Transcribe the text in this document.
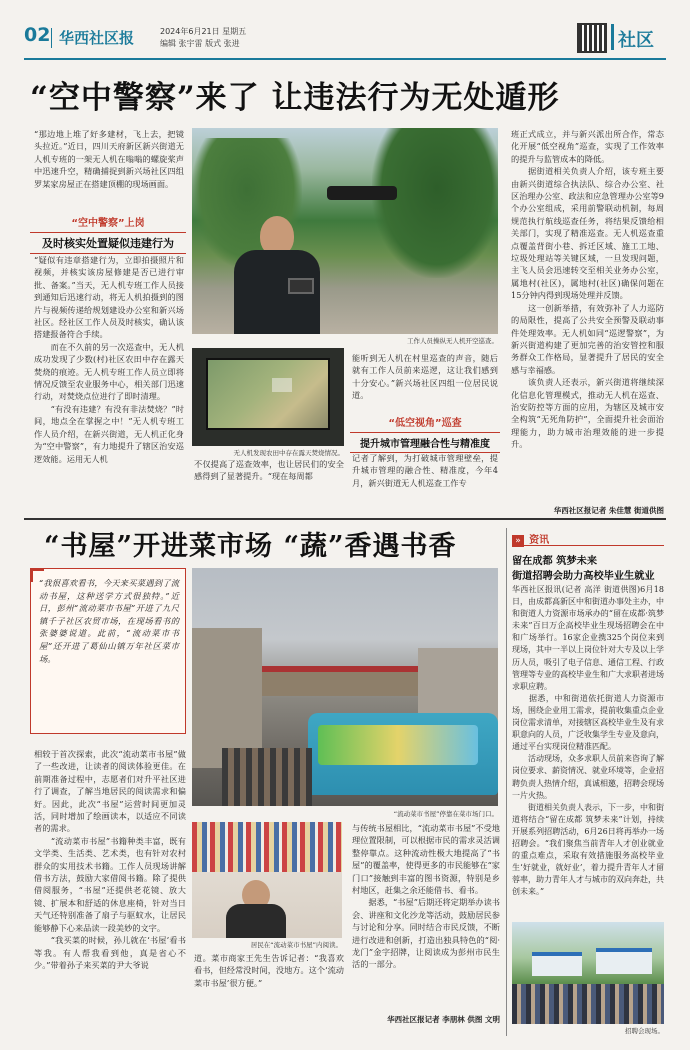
02 华西社区报	2024年6月21日 星期五
编辑 张宇雷 版式 张进	社区
“空中警察”来了 让违法行为无处遁形
“那边地上堆了好多建材，飞上去，把镜头拉近。”近日，四川天府新区新兴街道无人机专班的一架无人机在嗡嗡的螺旋桨声中迅速升空，精确捕捉到新兴场社区四组罗某家房屋正在搭建顶棚的现场画面。
“空中警察”上岗
及时核实处置疑似违建行为
“疑似有违章搭建行为，立即拍摄照片和视频，并核实该房屋修建是否已进行审批、备案。”当天，无人机专班工作人员接到通知后迅速行动，将无人机拍摄到的图片与视频传递给规划建设办公室和新兴场社区。经社区工作人员及时核实，确认该搭建报备符合手续。
　　而在不久前的另一次巡查中，无人机成功发现了少数(村)社区农田中存在露天焚烧的痕迹。无人机专班工作人员立即将情况反馈至农业服务中心，相关部门迅速行动，对焚烧点位进行了即时清理。
　　“有没有违建？有没有非法焚烧？”时间，地点全在掌握之中！”无人机专班工作人员介绍，在新兴街道，无人机正化身为“空中警察”，有力地提升了辖区治安巡逻效能。运用无人机
工作人员操纵无人机开空巡查。
无人机发现农田中存在露天焚烧情况。
不仅提高了巡查效率，也让居民们的安全感得到了显著提升。“现在每周都
能听到无人机在村里巡查的声音，随后就有工作人员前来巡逻，这让我们感到十分安心。”新兴场社区四组一位居民说道。
“低空视角”巡查
提升城市管理融合性与精准度
记者了解到，为打破城市管理壁垒，提升城市管理的融合性、精准度，今年4月，新兴街道无人机巡查工作专
班正式成立，并与新兴派出所合作，常态化开展“低空视角”巡查，实现了工作效率的提升与监管成本的降低。
　　据街道相关负责人介绍，该专班主要由新兴街道综合执法队、综合办公室、社区治理办公室、政法和应急管理办公室等9个办公室组成，采用前警联动机制，每周规范执行航线巡查任务，将结果反馈给相关部门，实现了精准巡查。无人机巡查重点覆盖背街小巷、拆迁区域、施工工地、垃圾处理站等关键区域，一旦发现问题，主飞人员会迅速转交至相关业务办公室，属地村(社区)，属地村(社区)确保问题在15分钟内得到现场处理并反馈。
　　这一创新举措，有效弥补了人力巡防的局限性，提高了公共安全预警及联动事件处理效率。无人机如同“巡逻警察”，为新兴街道构建了更加完善的治安管控和服务群众工作格局，显著提升了居民的安全感与幸福感。
　　该负责人还表示，新兴街道将继续深化信息化管理模式，推动无人机在巡查、治安防控等方面的应用，为辖区及城市安全构筑“无死角防护”，全面提升社会面治理能力，助力城市治理效能的进一步提升。
华西社区报记者 朱佳慧 街道供图
“书屋”开进菜市场 “蔬”香遇书香
“我很喜欢看书，今天来买菜遇到了流动书屋，这种送学方式很独特。”近日，彭州“流动菜市书屋”开进了九尺镇千子社区农贸市场，在现场看书的张婆婆说道。此前，“流动菜市书屋”还开进了葛仙山镇万年社区菜市场。
相较于首次探索，此次“流动菜市书屋”做了一些改进，让读者的阅读体验更佳。在前期准备过程中，志愿者们对升平社区进行了调查，了解当地居民的阅读需求和偏好。因此，此次“书屋”运营时间更加灵活，同时增加了绘画读本，以适应不同读者的需求。
　　“流动菜市书屋”书籍种类丰富，既有文学类、生活类、艺术类，也有针对农村群众的实用技术书籍。工作人员现场讲解借书方法，鼓励大家借阅书籍。除了提供借阅服务，“书屋”还提供老花镜、放大镜、扩展本和舒适的休息座椅，针对当日天气还特别准备了扇子与驱蚊水，让居民能够静下心来品读一段美妙的文字。
　　“我买菜的时候，孙儿就在‘书屋’看书等我。有人帮我看到他，真是省心不少。”带着孙子来买菜的尹大爷说
“流动菜市书屋”停靠在菜市场门口。
居民在“流动菜市书屋”内阅读。
道。菜市商家王先生告诉记者：“我喜欢看书，但经常没时间，没地方。这个‘流动菜市书屋’很方便。”
与传统书屋相比，“流动菜市书屋”不受地理位置限制，可以根据市民的需求灵活调整停靠点。这种流动性极大地提高了“书屋”的覆盖率，使得更多的市民能够在“家门口”接触到丰富的图书资源，特别是乡村地区，赶集之余还能借书、看书。
　　据悉，“书屋”后期还将定期举办读书会、讲座和文化沙龙等活动，鼓励居民参与讨论和分享。同时结合市民反馈，不断进行改进和创新，打造出独具特色的“阅·龙门”金字招牌，让阅读成为彭州市民生活的一部分。
华西社区报记者 李朋林 供图 文明
» 资讯
留在成都 筑梦未来
街道招聘会助力高校毕业生就业
华西社区报讯(记者 高洋 街道供图)6月18日，由成都高新区中和街道办事处主办，中和街道人力资源市场承办的“留在成都·筑梦未来”百日万企高校毕业生现场招聘会在中和广场举行。16家企业携325个岗位来到现场，其中一半以上岗位针对大专及以上学历人员，吸引了电子信息、通信工程、行政管理等专业的高校毕业生和广大求职者进场求职应聘。
　　据悉，中和街道依托街道人力资源市场，围绕企业用工需求，提前收集重点企业岗位需求清单，对接辖区高校毕业生及有求职意向的人员，广泛收集学生专业及意向，通过平台实现岗位精准匹配。
　　活动现场，众多求职人员前来咨询了解岗位要求、薪资情况、就业环境等，企业招聘负责人热情介绍，真诚相邀，招聘会现场一片火热。
　　街道相关负责人表示，下一步，中和街道将结合“留在成都 筑梦未来”计划，持续开展系列招聘活动，6月26日将再举办一场招聘会。“我们聚焦当前青年人才创业就业的重点难点，采取有效措施服务高校毕业生‘好就业，就好业’，着力提升青年人才留蓉率，助力青年人才与城市的双向奔赴，共创未来。”
招聘会现场。
